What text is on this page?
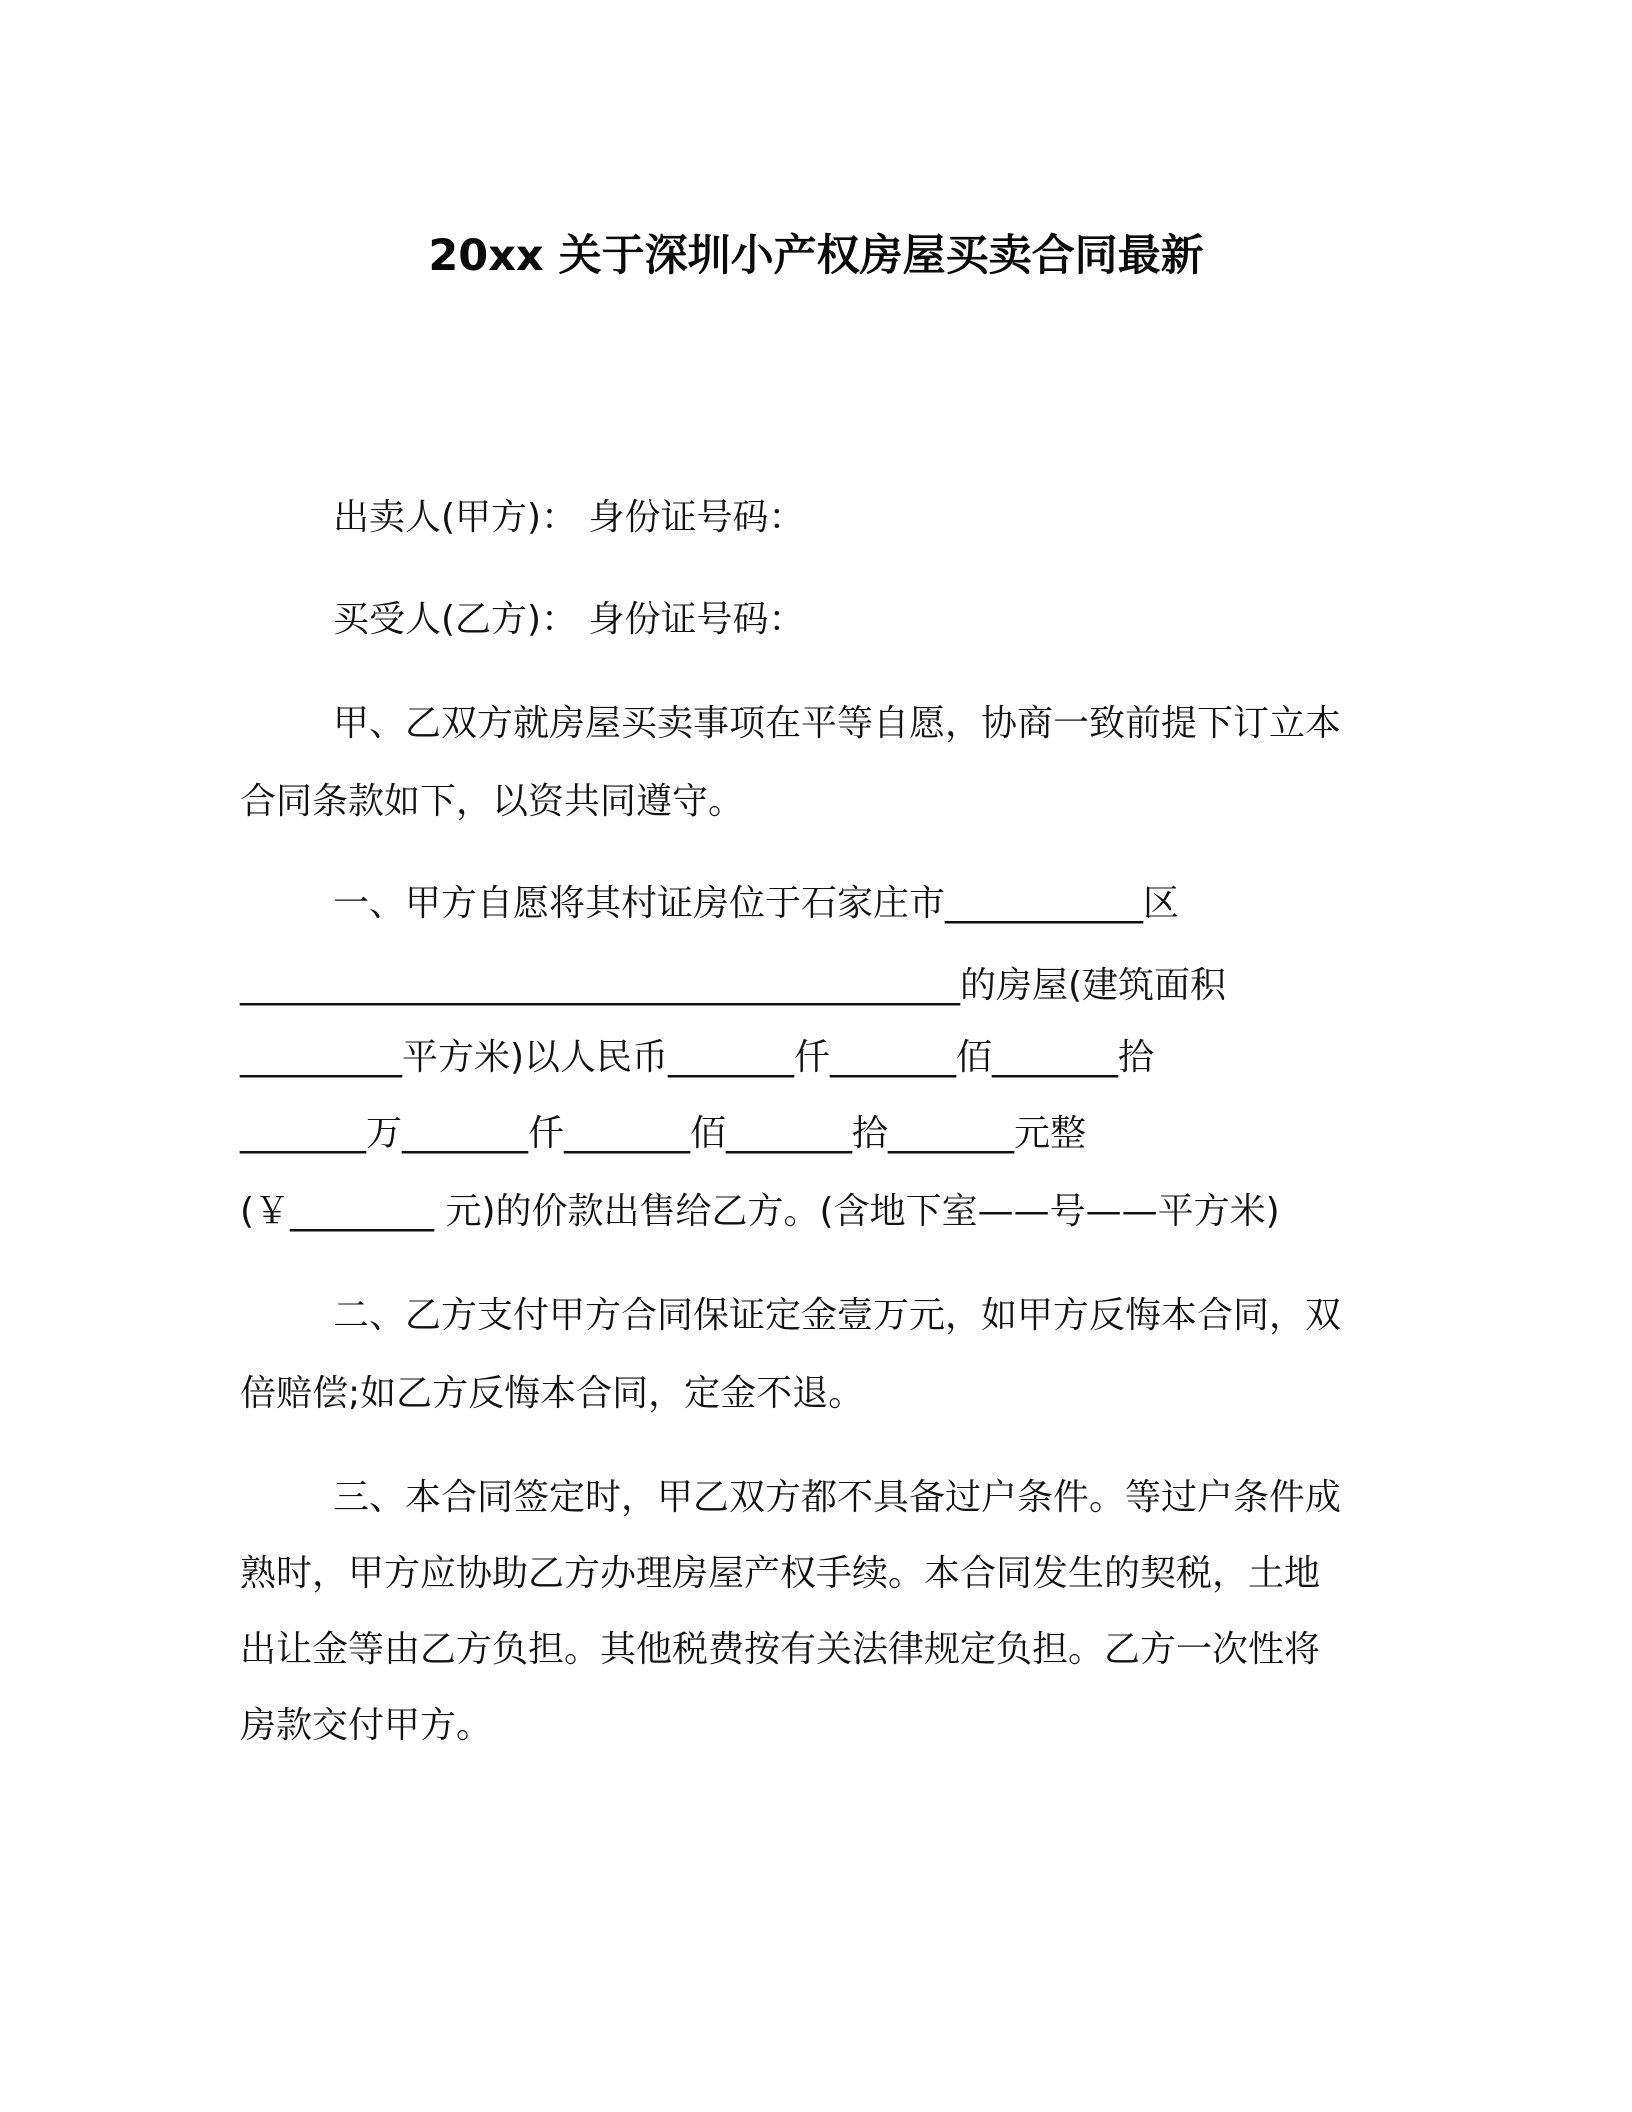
20xx 关于深圳小产权房屋买卖合同最新
出卖人(甲方)： 身份证号码：
买受人(乙方)： 身份证号码：
甲、乙双方就房屋买卖事项在平等自愿，协商一致前提下订立本
合同条款如下，以资共同遵守。
一、甲方自愿将其村证房位于石家庄市___________区
________________________________________的房屋(建筑面积
_________平方米)以人民币_______仟_______佰_______拾
_______万_______仟_______佰_______拾_______元整
(￥________ 元)的价款出售给乙方。(含地下室——号——平方米)
二、乙方支付甲方合同保证定金壹万元，如甲方反悔本合同，双
倍赔偿;如乙方反悔本合同，定金不退。
三、本合同签定时，甲乙双方都不具备过户条件。等过户条件成
熟时，甲方应协助乙方办理房屋产权手续。本合同发生的契税，土地
出让金等由乙方负担。其他税费按有关法律规定负担。乙方一次性将
房款交付甲方。
